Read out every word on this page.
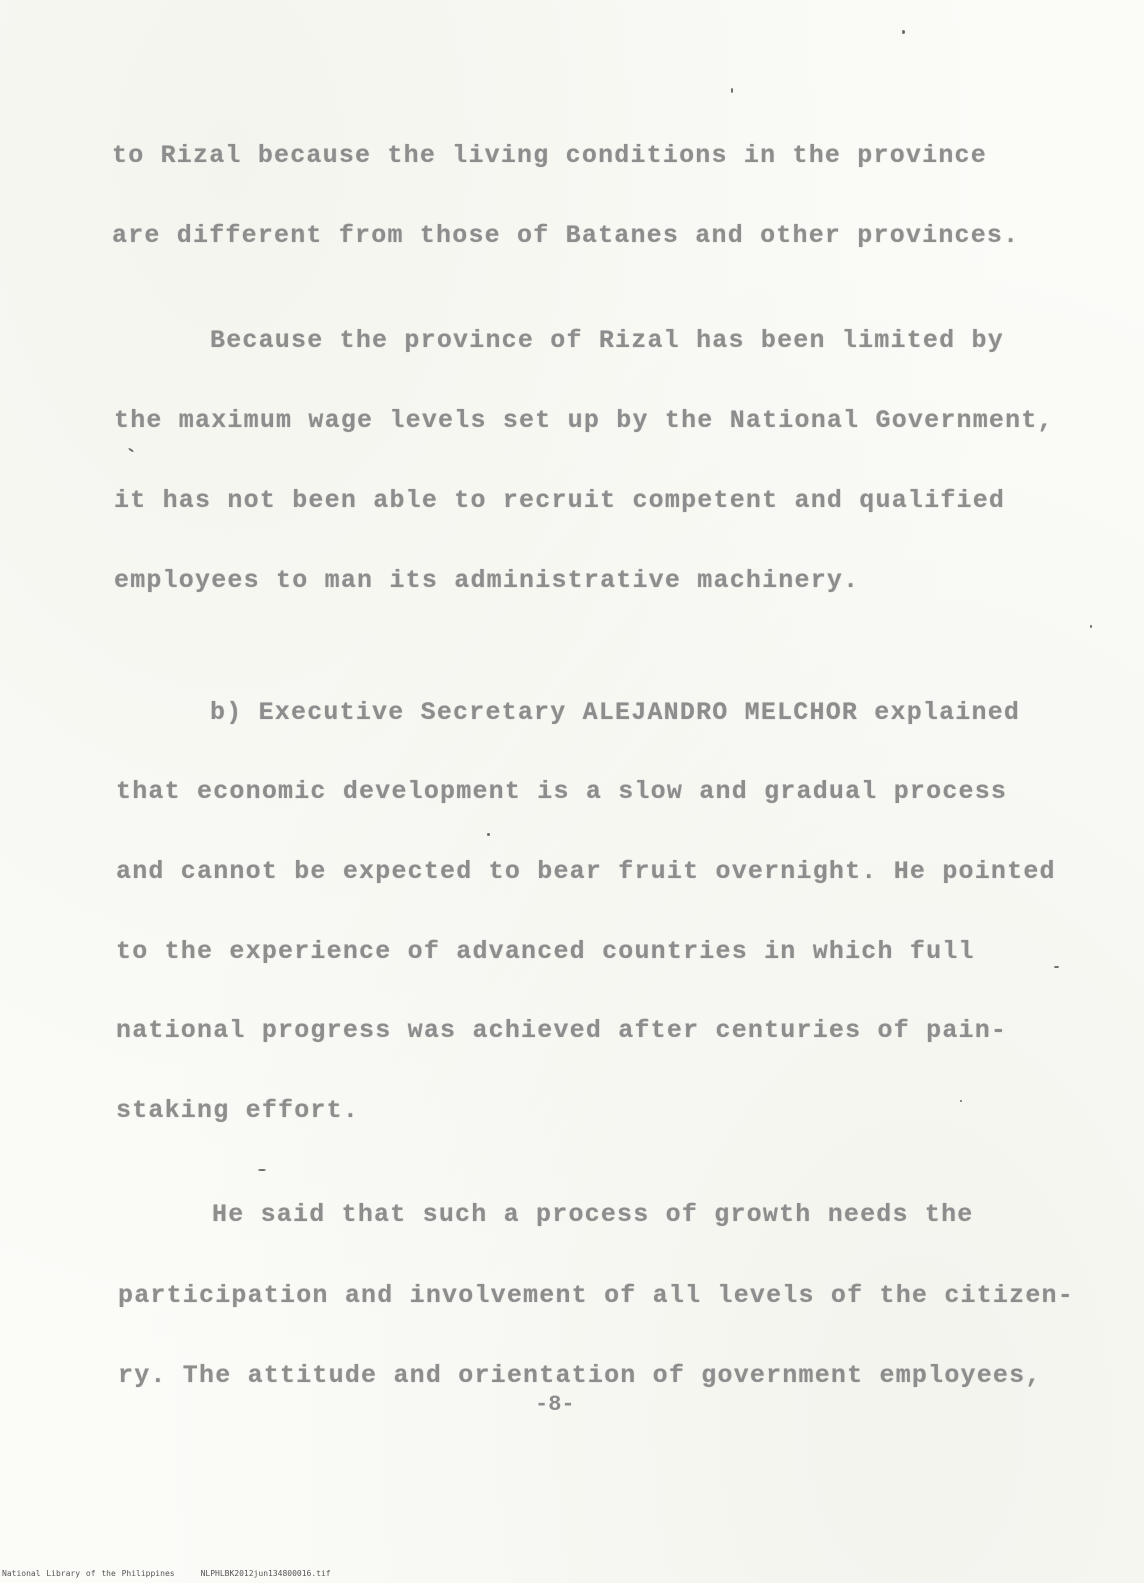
to Rizal because the living conditions in the province
are different from those of Batanes and other provinces.
Because the province of Rizal has been limited by
the maximum wage levels set up by the National Government,
it has not been able to recruit competent and qualified
employees to man its administrative machinery.
b) Executive Secretary ALEJANDRO MELCHOR explained
that economic development is a slow and gradual process
and cannot be expected to bear fruit overnight. He pointed
to the experience of advanced countries in which full
national progress was achieved after centuries of pain-
staking effort.
He said that such a process of growth needs the
participation and involvement of all levels of the citizen-
ry. The attitude and orientation of government employees,
-8-
National Library of the Philippines	NLPHLBK2012jun134800016.tif
